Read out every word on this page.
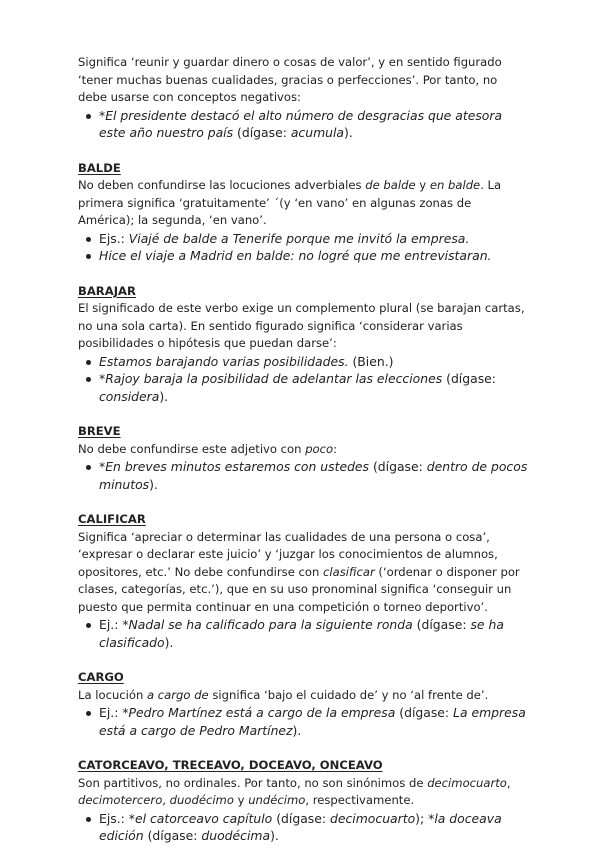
Significa ‘reunir y guardar dinero o cosas de valor’, y en sentido figurado ‘tener muchas buenas cualidades, gracias o perfecciones’. Por tanto, no debe usarse con conceptos negativos:

*El presidente destacó el alto número de desgracias que atesora este año nuestro país (dígase: acumula).

BALDE

No deben confundirse las locuciones adverbiales de balde y en balde. La primera significa ‘gratuitamente’ ´(y ‘en vano’ en algunas zonas de América); la segunda, ‘en vano’.

Ejs.: Viajé de balde a Tenerife porque me invitó la empresa.
Hice el viaje a Madrid en balde: no logré que me entrevistaran.

BARAJAR

El significado de este verbo exige un complemento plural (se barajan cartas, no una sola carta). En sentido figurado significa ‘considerar varias posibilidades o hipótesis que puedan darse’:

Estamos barajando varias posibilidades. (Bien.)
*Rajoy baraja la posibilidad de adelantar las elecciones (dígase: considera).

BREVE

No debe confundirse este adjetivo con poco:

*En breves minutos estaremos con ustedes (dígase: dentro de pocos minutos).

CALIFICAR

Significa ‘apreciar o determinar las cualidades de una persona o cosa’, ‘expresar o declarar este juicio’ y ‘juzgar los conocimientos de alumnos, opositores, etc.’ No debe confundirse con clasificar (‘ordenar o disponer por clases, categorías, etc.’), que en su uso pronominal significa ‘conseguir un puesto que permita continuar en una competición o torneo deportivo’.

Ej.: *Nadal se ha calificado para la siguiente ronda (dígase: se ha clasificado).

CARGO

La locución a cargo de significa ‘bajo el cuidado de’ y no ‘al frente de’.

Ej.: *Pedro Martínez está a cargo de la empresa (dígase: La empresa está a cargo de Pedro Martínez).

CATORCEAVO, TRECEAVO, DOCEAVO, ONCEAVO

Son partitivos, no ordinales. Por tanto, no son sinónimos de decimocuarto, decimotercero, duodécimo y undécimo, respectivamente.

Ejs.: *el catorceavo capítulo (dígase: decimocuarto); *la doceava edición (dígase: duodécima).
